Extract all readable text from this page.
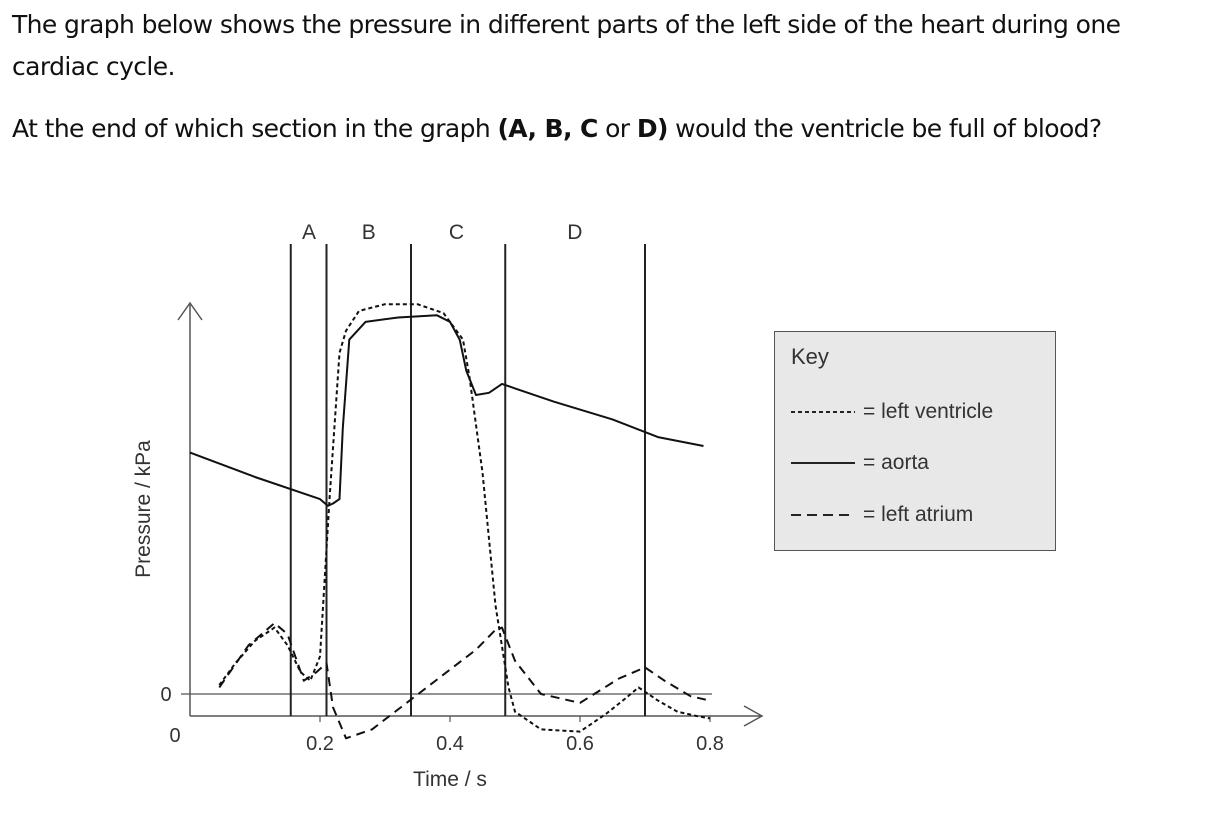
The graph below shows the pressure in different parts of the left side of the heart during one
cardiac cycle.
At the end of which section in the graph (A, B, C or D) would the ventricle be full of blood?
0
0
Time / s
Pressure / kPa
0.2	0.4	0.6	0.8
A B	C	D
Key
= left ventricle
= aorta
= left atrium
